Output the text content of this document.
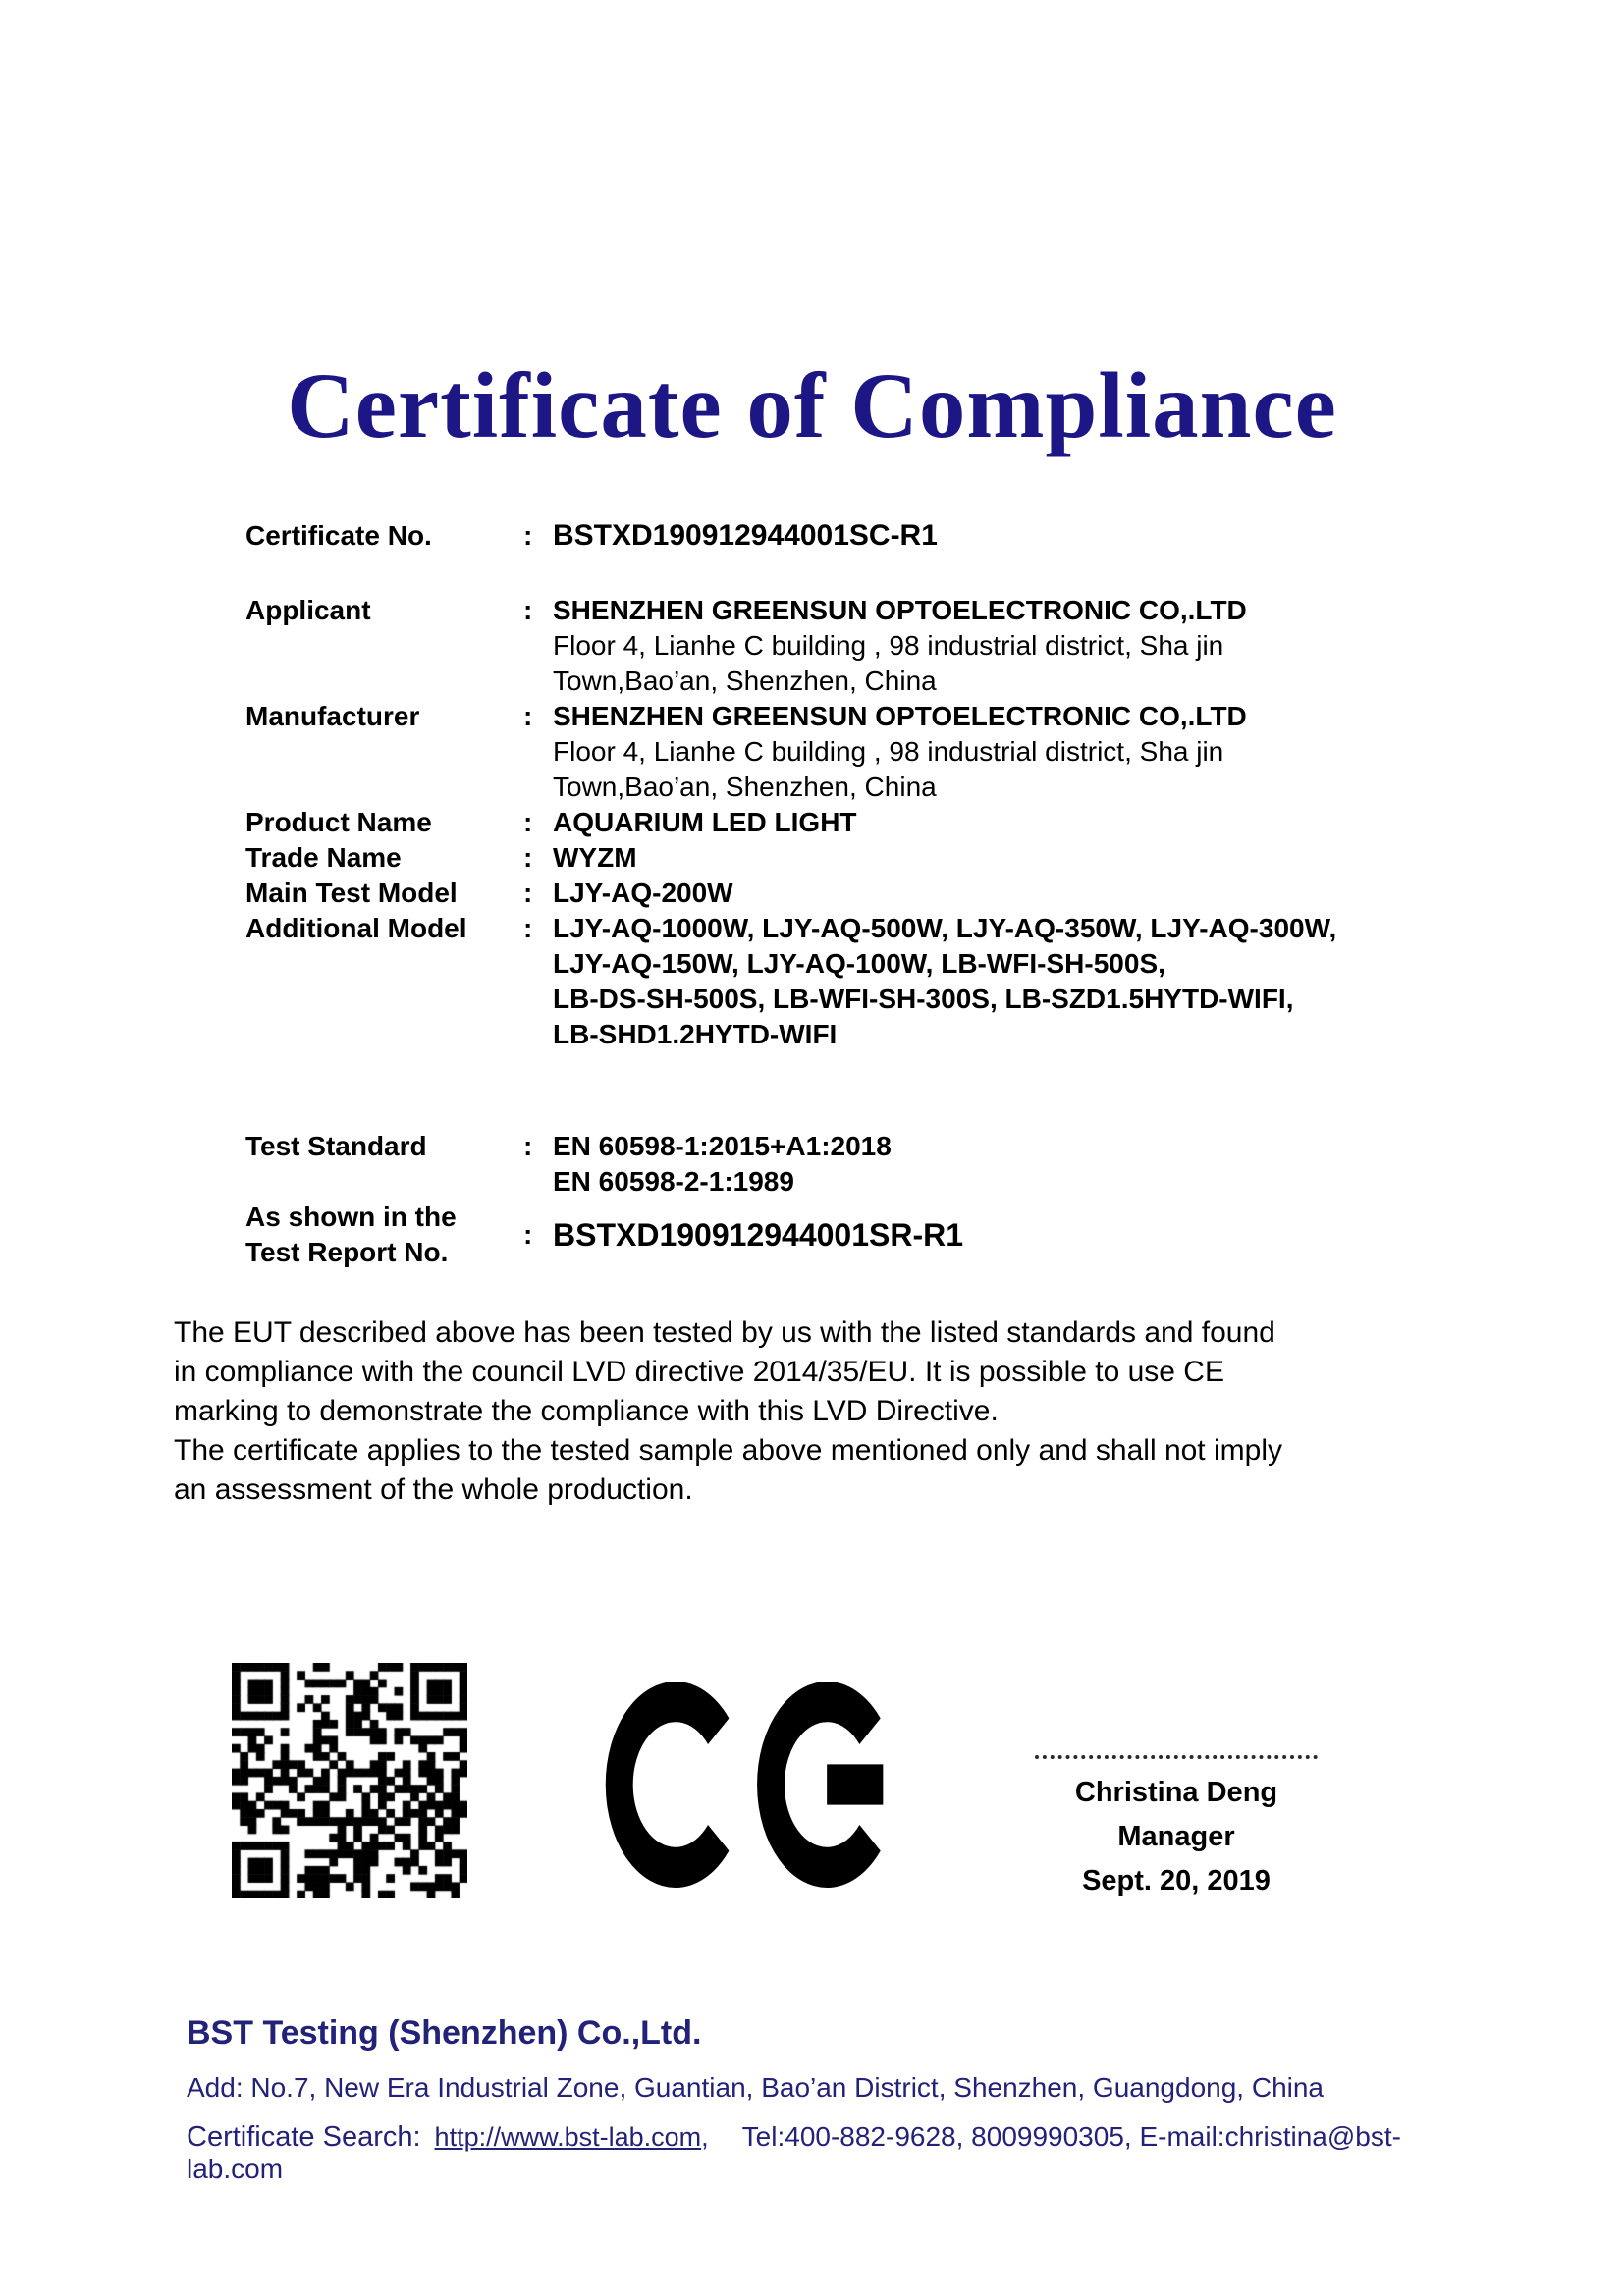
Certificate of Compliance
Certificate No.	: BSTXD190912944001SC-R1
Applicant	: SHENZHEN GREENSUN OPTOELECTRONIC CO,.LTD
Floor 4, Lianhe C building , 98 industrial district, Sha jin
Town,Bao’an, Shenzhen, China
Manufacturer	: SHENZHEN GREENSUN OPTOELECTRONIC CO,.LTD
Floor 4, Lianhe C building , 98 industrial district, Sha jin
Town,Bao’an, Shenzhen, China
Product Name	: AQUARIUM LED LIGHT
Trade Name	: WYZM
Main Test Model	: LJY-AQ-200W
Additional Model	: LJY-AQ-1000W, LJY-AQ-500W, LJY-AQ-350W, LJY-AQ-300W,
LJY-AQ-150W, LJY-AQ-100W, LB-WFI-SH-500S,
LB-DS-SH-500S, LB-WFI-SH-300S, LB-SZD1.5HYTD-WIFI,
LB-SHD1.2HYTD-WIFI
Test Standard	: EN 60598-1:2015+A1:2018
EN 60598-2-1:1989
As shown in the
Test Report No.
: BSTXD190912944001SR-R1
The EUT described above has been tested by us with the listed standards and found
in compliance with the council LVD directive 2014/35/EU. It is possible to use CE
marking to demonstrate the compliance with this LVD Directive.
The certificate applies to the tested sample above mentioned only and shall not imply
an assessment of the whole production.
Christina Deng
Manager
Sept. 20, 2019
BST Testing (Shenzhen) Co.,Ltd.
Add: No.7, New Era Industrial Zone, Guantian, Bao’an District, Shenzhen, Guangdong, China
Certificate Search: http://www.bst-lab.com, Tel:400-882-9628, 8009990305, E-mail:christina@bst-lab.com
